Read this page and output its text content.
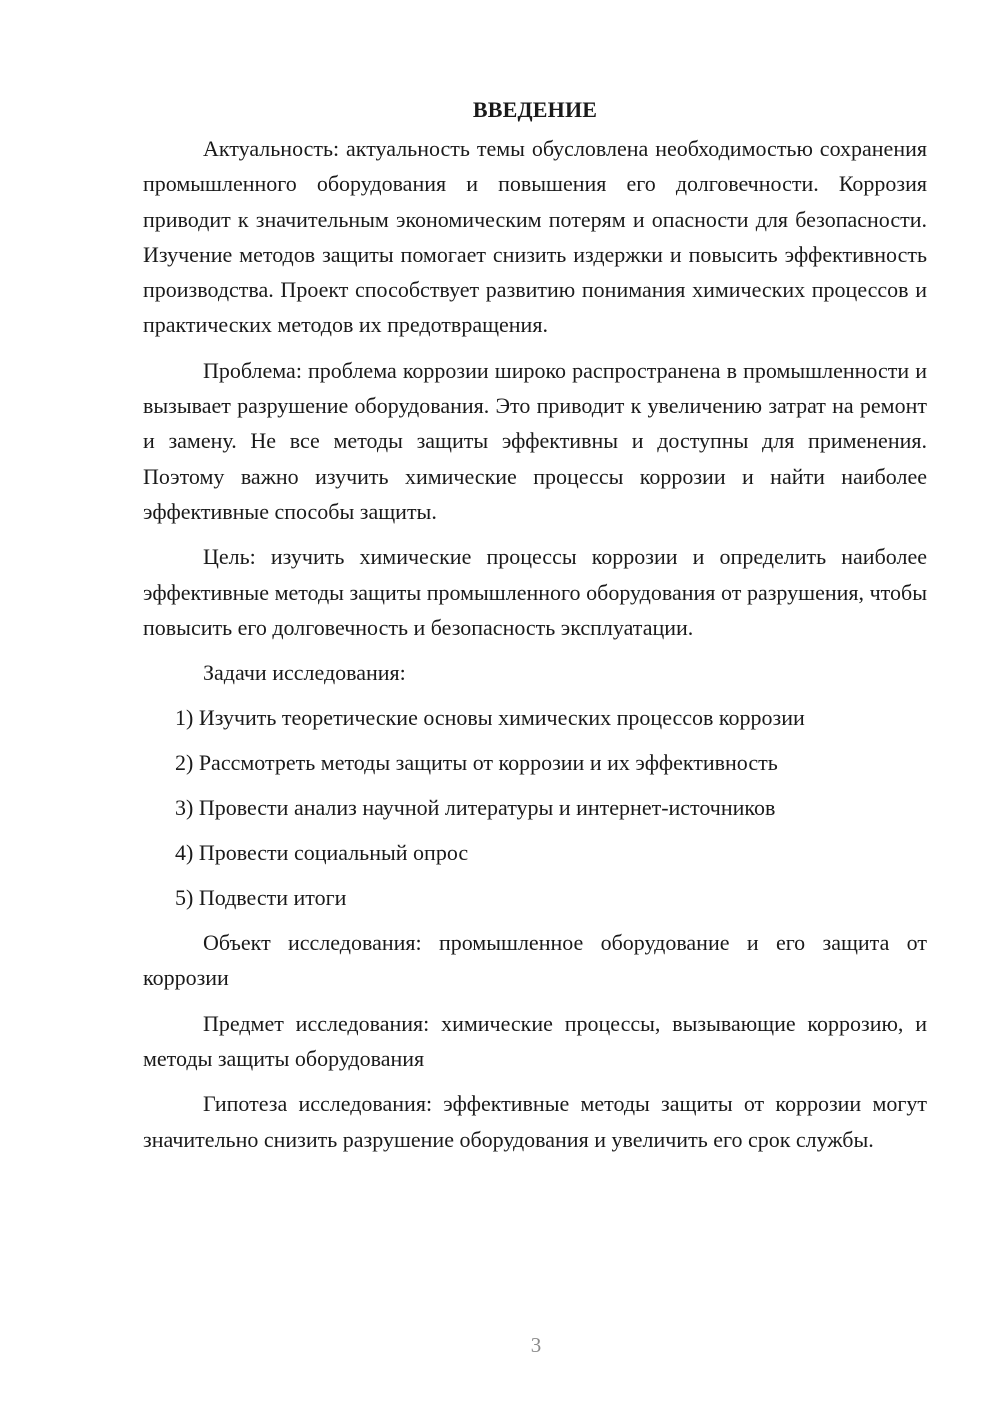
ВВЕДЕНИЕ

Актуальность: актуальность темы обусловлена необходимостью сохранения промышленного оборудования и повышения его долговечности. Коррозия приводит к значительным экономическим потерям и опасности для безопасности. Изучение методов защиты помогает снизить издержки и повысить эффективность производства. Проект способствует развитию понимания химических процессов и практических методов их предотвращения.

Проблема: проблема коррозии широко распространена в промышленности и вызывает разрушение оборудования. Это приводит к увеличению затрат на ремонт и замену. Не все методы защиты эффективны и доступны для применения. Поэтому важно изучить химические процессы коррозии и найти наиболее эффективные способы защиты.

Цель: изучить химические процессы коррозии и определить наиболее эффективные методы защиты промышленного оборудования от разрушения, чтобы повысить его долговечность и безопасность эксплуатации.

Задачи исследования:
1) Изучить теоретические основы химических процессов коррозии
2) Рассмотреть методы защиты от коррозии и их эффективность
3) Провести анализ научной литературы и интернет-источников
4) Провести социальный опрос
5) Подвести итоги

Объект исследования: промышленное оборудование и его защита от коррозии

Предмет исследования: химические процессы, вызывающие коррозию, и методы защиты оборудования

Гипотеза исследования: эффективные методы защиты от коррозии могут значительно снизить разрушение оборудования и увеличить его срок службы.

3
